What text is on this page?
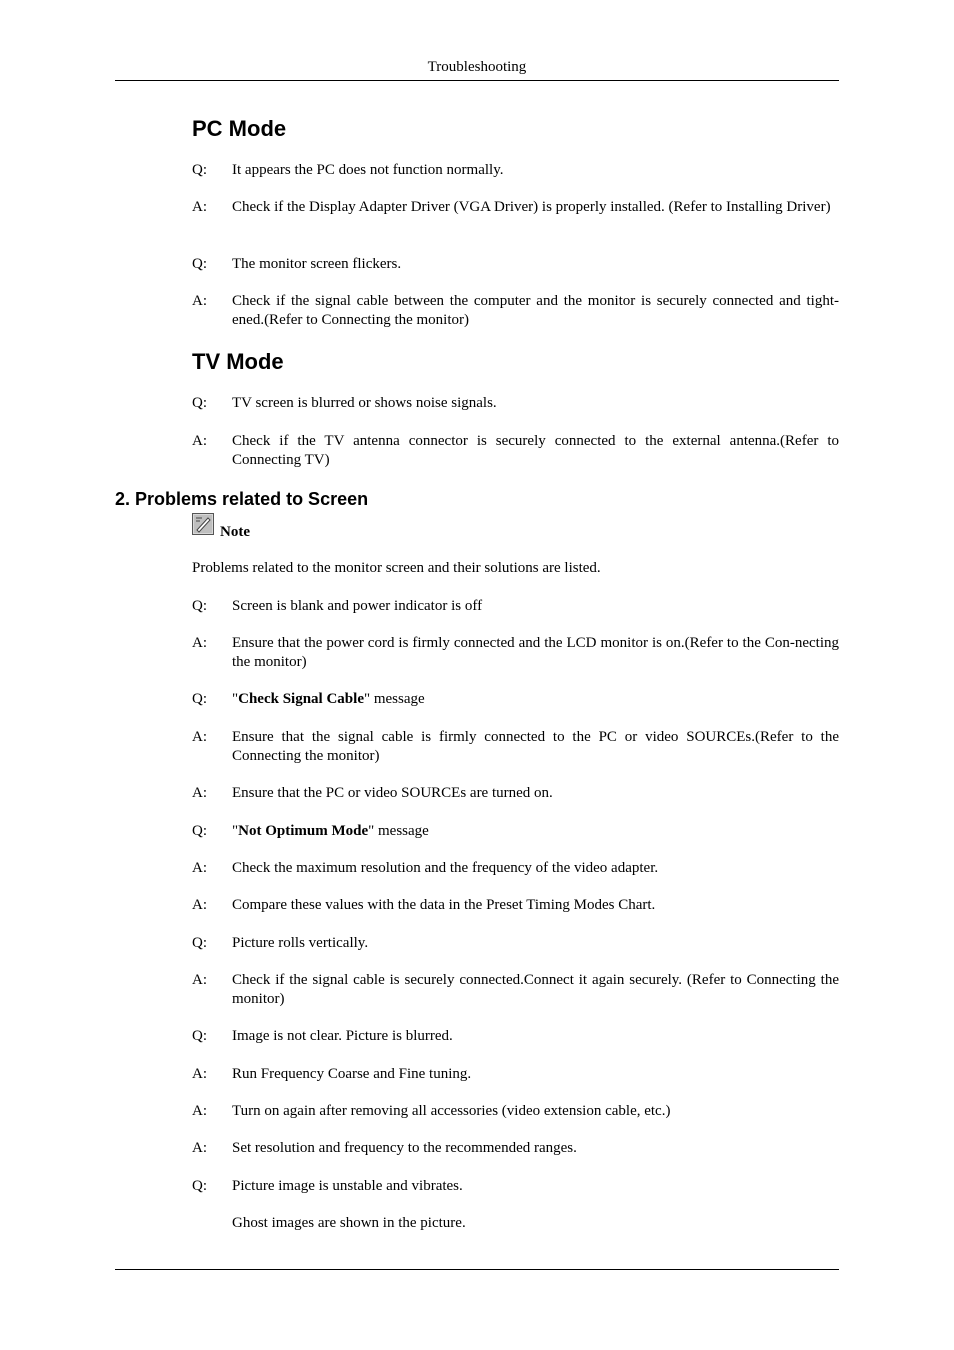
Troubleshooting
PC Mode
Q: It appears the PC does not function normally.
A: Check if the Display Adapter Driver (VGA Driver) is properly installed. (Refer to Installing Driver)
Q: The monitor screen flickers.
A: Check if the signal cable between the computer and the monitor is securely connected and tight-ened.(Refer to Connecting the monitor)
TV Mode
Q: TV screen is blurred or shows noise signals.
A: Check if the TV antenna connector is securely connected to the external antenna.(Refer to Connecting TV)
2. Problems related to Screen
Note
Problems related to the monitor screen and their solutions are listed.
Q: Screen is blank and power indicator is off
A: Ensure that the power cord is firmly connected and the LCD monitor is on.(Refer to the Con-necting the monitor)
Q: "Check Signal Cable" message
A: Ensure that the signal cable is firmly connected to the PC or video SOURCEs.(Refer to the Connecting the monitor)
A: Ensure that the PC or video SOURCEs are turned on.
Q: "Not Optimum Mode" message
A: Check the maximum resolution and the frequency of the video adapter.
A: Compare these values with the data in the Preset Timing Modes Chart.
Q: Picture rolls vertically.
A: Check if the signal cable is securely connected.Connect it again securely. (Refer to Connecting the monitor)
Q: Image is not clear. Picture is blurred.
A: Run Frequency Coarse and Fine tuning.
A: Turn on again after removing all accessories (video extension cable, etc.)
A: Set resolution and frequency to the recommended ranges.
Q: Picture image is unstable and vibrates.
Ghost images are shown in the picture.
